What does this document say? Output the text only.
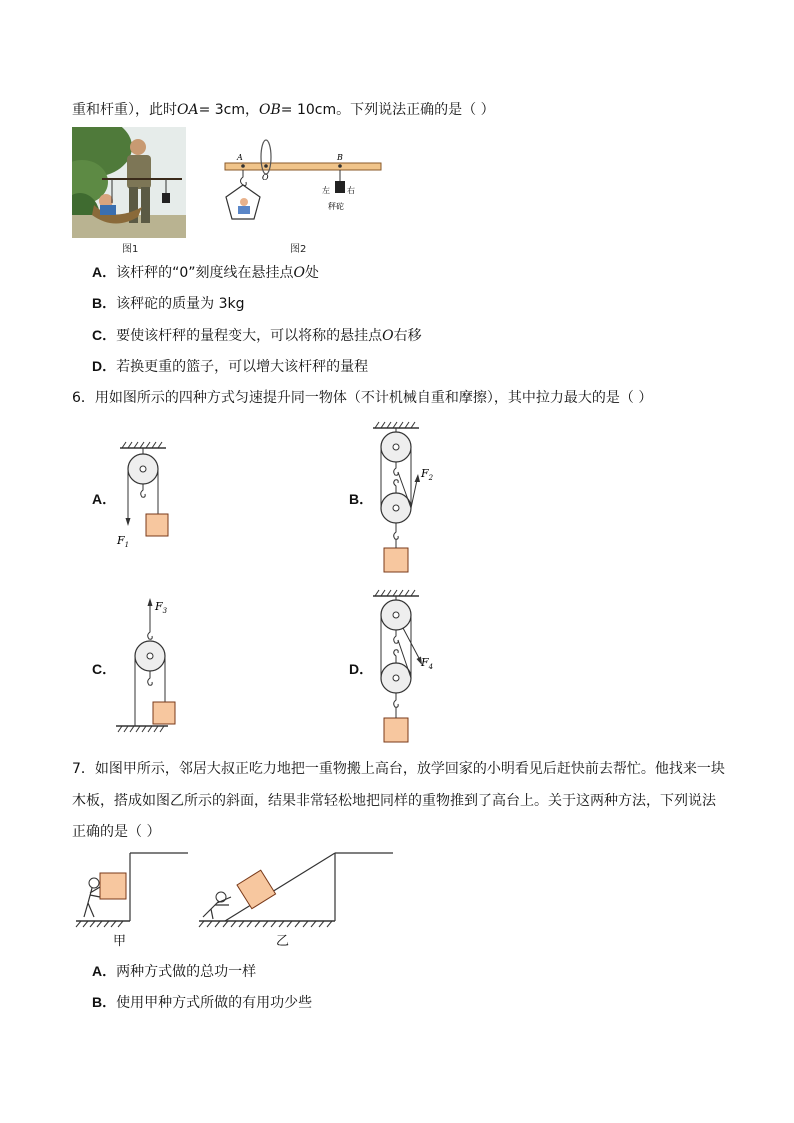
重和杆重），此时OA= 3cm，OB= 10cm。下列说法正确的是（ ）
图1
A
O
B
左 右
秤砣
图2
A．该杆秤的“0”刻度线在悬挂点O处
B．该秤砣的质量为 3kg
C．要使该杆秤的量程变大，可以将称的悬挂点O右移
D．若换更重的篮子，可以增大该杆秤的量程
6．用如图所示的四种方式匀速提升同一物体（不计机械自重和摩擦），其中拉力最大的是（ ）
A．
$F_1$
B．
$F_2$
C．
$F_3$
D．	$F_4$
7．如图甲所示，邻居大叔正吃力地把一重物搬上高台，放学回家的小明看见后赶快前去帮忙。他找来一块
木板，搭成如图乙所示的斜面，结果非常轻松地把同样的重物推到了高台上。关于这两种方法，下列说法
正确的是（ ）
甲	乙
A．两种方式做的总功一样
B．使用甲种方式所做的有用功少些
